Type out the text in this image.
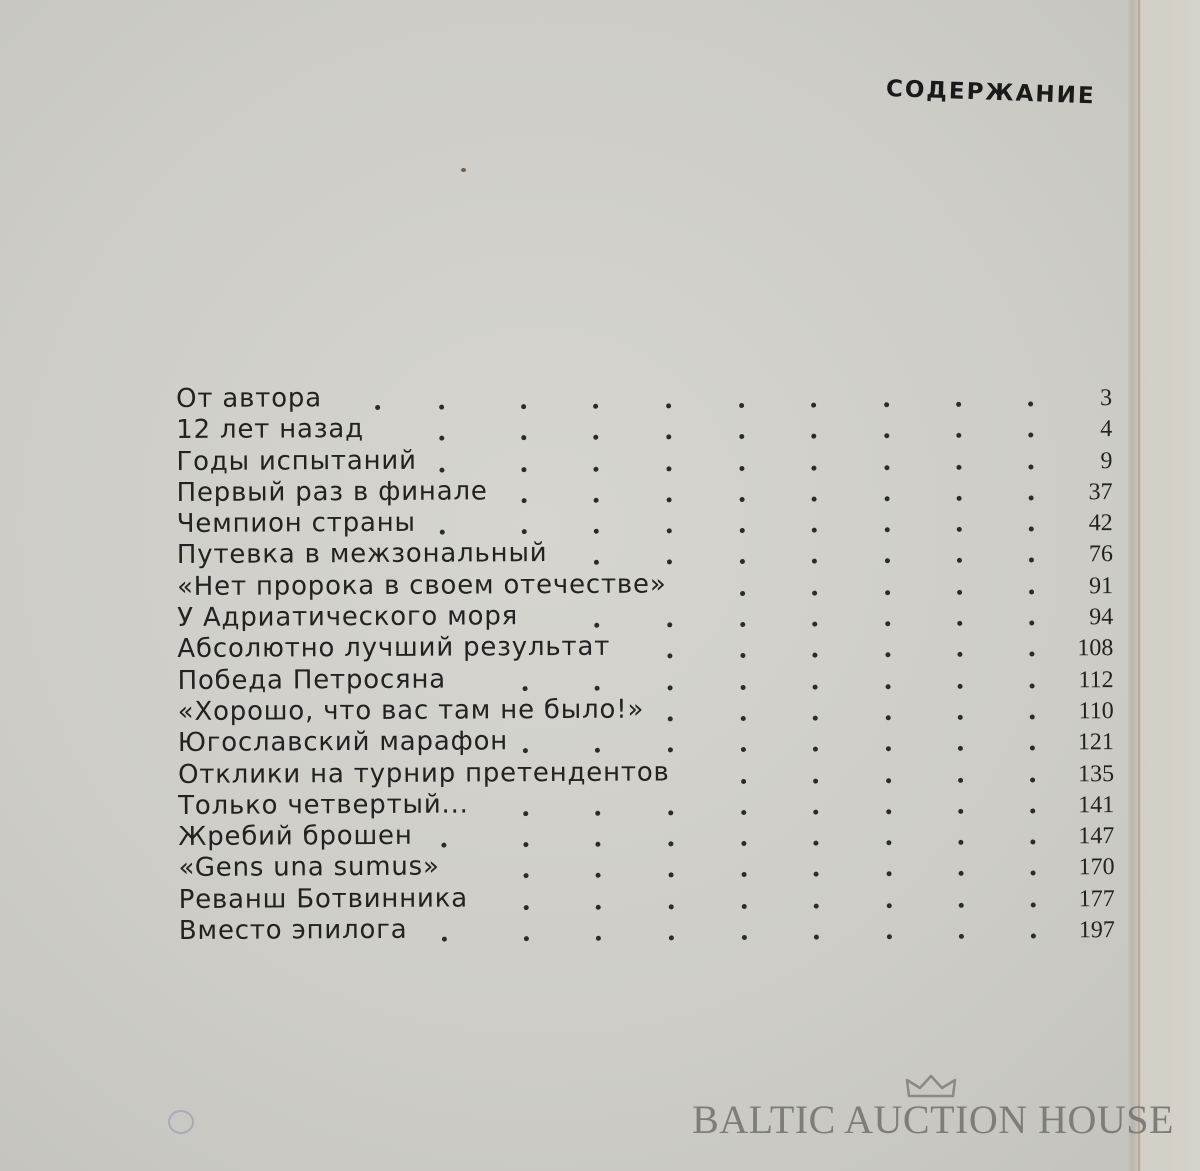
СОДЕРЖАНИЕ
От автора	3
12 лет назад	4
Годы испытаний	9
Первый раз в финале	37
Чемпион страны	42
Путевка в межзональный	76
«Нет пророка в своем отечестве»	91
У Адриатического моря	94
Абсолютно лучший результат	108
Победа Петросяна	112
«Хорошо, что вас там не было!»	110
Югославский марафон	121
Отклики на турнир претендентов	135
Только четвертый...	141
Жребий брошен	147
«Gens una sumus»	170
Реванш Ботвинника	177
Вместо эпилога	197
BALTIC AUCTION HOUSE
